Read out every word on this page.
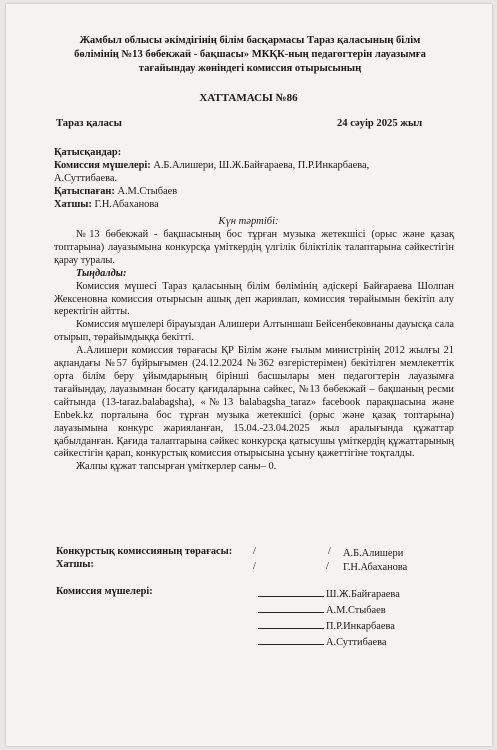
Жамбыл облысы әкімдігінің білім басқармасы Тараз қаласының білім
бөлімінің №13 бөбекжай - бақшасы» МКҚК-ның педагогтерін лауазымға
тағайындау жөніндегі комиссия отырысының
ХАТТАМАСЫ №86
Тараз қаласы	24 сәуір 2025 жыл
Қатысқандар:
Комиссия мүшелері: А.Б.Алишери, Ш.Ж.Байғараева, П.Р.Инкарбаева,
А.Суттибаева.
Қатыспаған: А.М.Стыбаев
Хатшы: Г.Н.Абаханова
Күн тәртібі:

№13 бөбекжай - бақшасының бос тұрған музыка жетекшісі (орыс және қазақ топтарына) лауазымына конкурсқа үміткердің үлгілік біліктілік талаптарына сәйкестігін қарау туралы.

Тыңдалды:

Комиссия мүшесі Тараз қаласының білім бөлімінің әдіскері Байғараева Шолпан Жексеновна комиссия отырысын ашық деп жариялап, комиссия төрайымын бекітіп алу керектігін айтты.

Комиссия мүшелері бірауыздан Алишери Алтыншаш Бейсенбековнаны дауысқа сала отырып, төрайымдыққа бекітті.

А.Алишери комиссия төрағасы ҚР Білім және ғылым министрінің 2012 жылғы 21 ақпандағы №57 бұйрығымен (24.12.2024 №362 өзгерістерімен) бекітілген мемлекеттік орта білім беру ұйымдарының бірінші басшылары мен педагогтерін лауазымға тағайындау, лауазымнан босату қағидаларына сәйкес, №13 бөбекжай – бақшаның ресми сайтында (13-taraz.balabagsha), «№13 balabagsha_taraz» facebook парақшасына және Enbek.kz порталына бос тұрған музыка жетекшісі (орыс және қазақ топтарына) лауазымына конкурс жарияланған, 15.04.-23.04.2025 жыл аралығында құжаттар қабылданған. Қағида талаптарына сәйкес конкурсқа қатысушы үміткердің құжаттарының сәйкестігін қарап, конкурстық комиссия отырысына ұсыну қажеттігіне тоқталды.

Жалпы құжат тапсырған үміткерлер саны– 0.

Конкурстық комиссияның төрағасы: /	/ А.Б.Алишери
Хатшы:	/	/ Г.Н.Абаханова
Комиссия мүшелері:	Ш.Ж.Байғараева
А.М.Стыбаев
П.Р.Инкарбаева
А.Суттибаева
